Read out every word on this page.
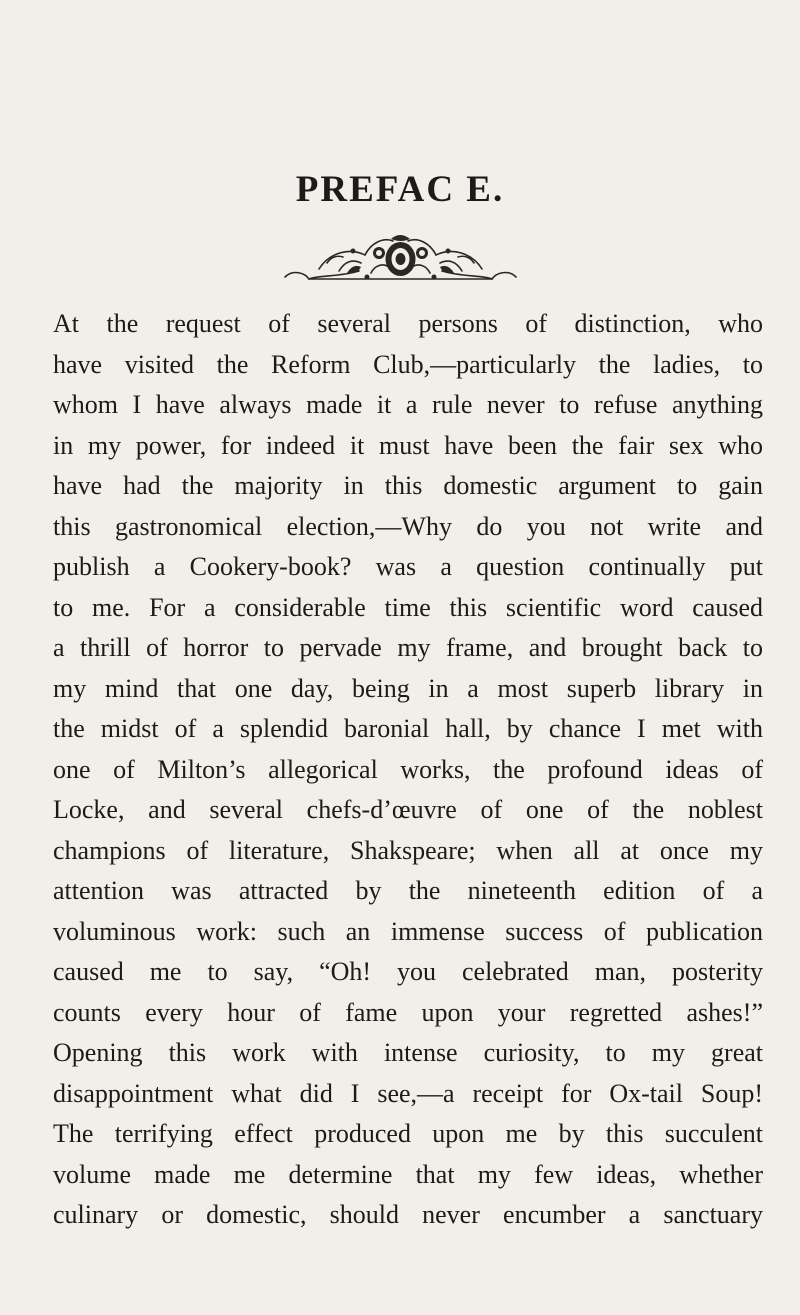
PREFAC E.
At the request of several persons of distinction, who
have visited the Reform Club,—particularly the ladies, to
whom I have always made it a rule never to refuse anything
in my power, for indeed it must have been the fair sex who
have had the majority in this domestic argument to gain
this gastronomical election,—Why do you not write and
publish a Cookery-book? was a question continually put
to me. For a considerable time this scientific word caused
a thrill of horror to pervade my frame, and brought back to
my mind that one day, being in a most superb library in
the midst of a splendid baronial hall, by chance I met with
one of Milton’s allegorical works, the profound ideas of
Locke, and several chefs-d’œuvre of one of the noblest
champions of literature, Shakspeare; when all at once my
attention was attracted by the nineteenth edition of a
voluminous work: such an immense success of publication
caused me to say, “Oh! you celebrated man, posterity
counts every hour of fame upon your regretted ashes!”
Opening this work with intense curiosity, to my great
disappointment what did I see,—a receipt for Ox-tail Soup!
The terrifying effect produced upon me by this succulent
volume made me determine that my few ideas, whether
culinary or domestic, should never encumber a sanctuary
